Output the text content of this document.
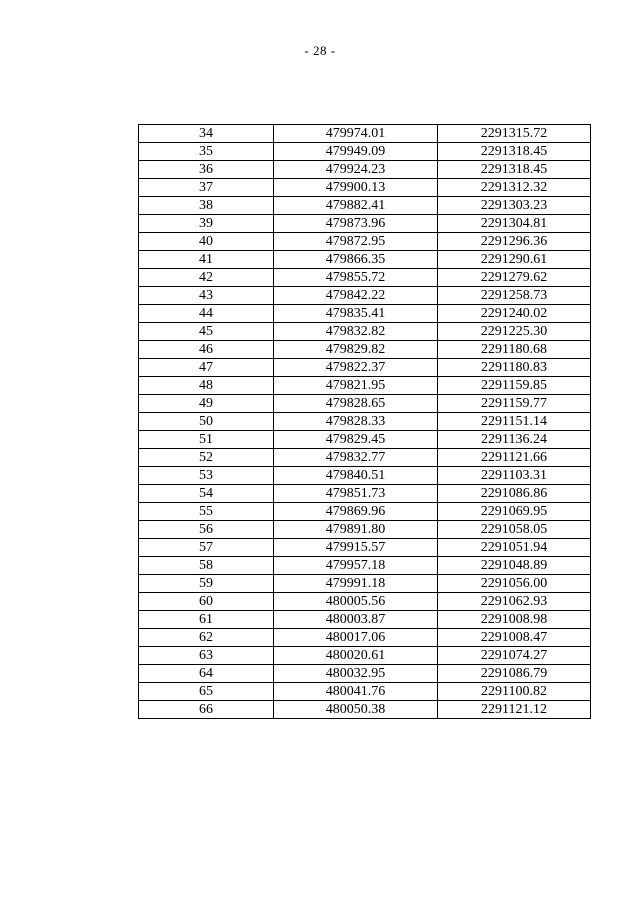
- 28 -
34	479974.01	2291315.72
35	479949.09	2291318.45
36	479924.23	2291318.45
37	479900.13	2291312.32
38	479882.41	2291303.23
39	479873.96	2291304.81
40	479872.95	2291296.36
41	479866.35	2291290.61
42	479855.72	2291279.62
43	479842.22	2291258.73
44	479835.41	2291240.02
45	479832.82	2291225.30
46	479829.82	2291180.68
47	479822.37	2291180.83
48	479821.95	2291159.85
49	479828.65	2291159.77
50	479828.33	2291151.14
51	479829.45	2291136.24
52	479832.77	2291121.66
53	479840.51	2291103.31
54	479851.73	2291086.86
55	479869.96	2291069.95
56	479891.80	2291058.05
57	479915.57	2291051.94
58	479957.18	2291048.89
59	479991.18	2291056.00
60	480005.56	2291062.93
61	480003.87	2291008.98
62	480017.06	2291008.47
63	480020.61	2291074.27
64	480032.95	2291086.79
65	480041.76	2291100.82
66	480050.38	2291121.12
